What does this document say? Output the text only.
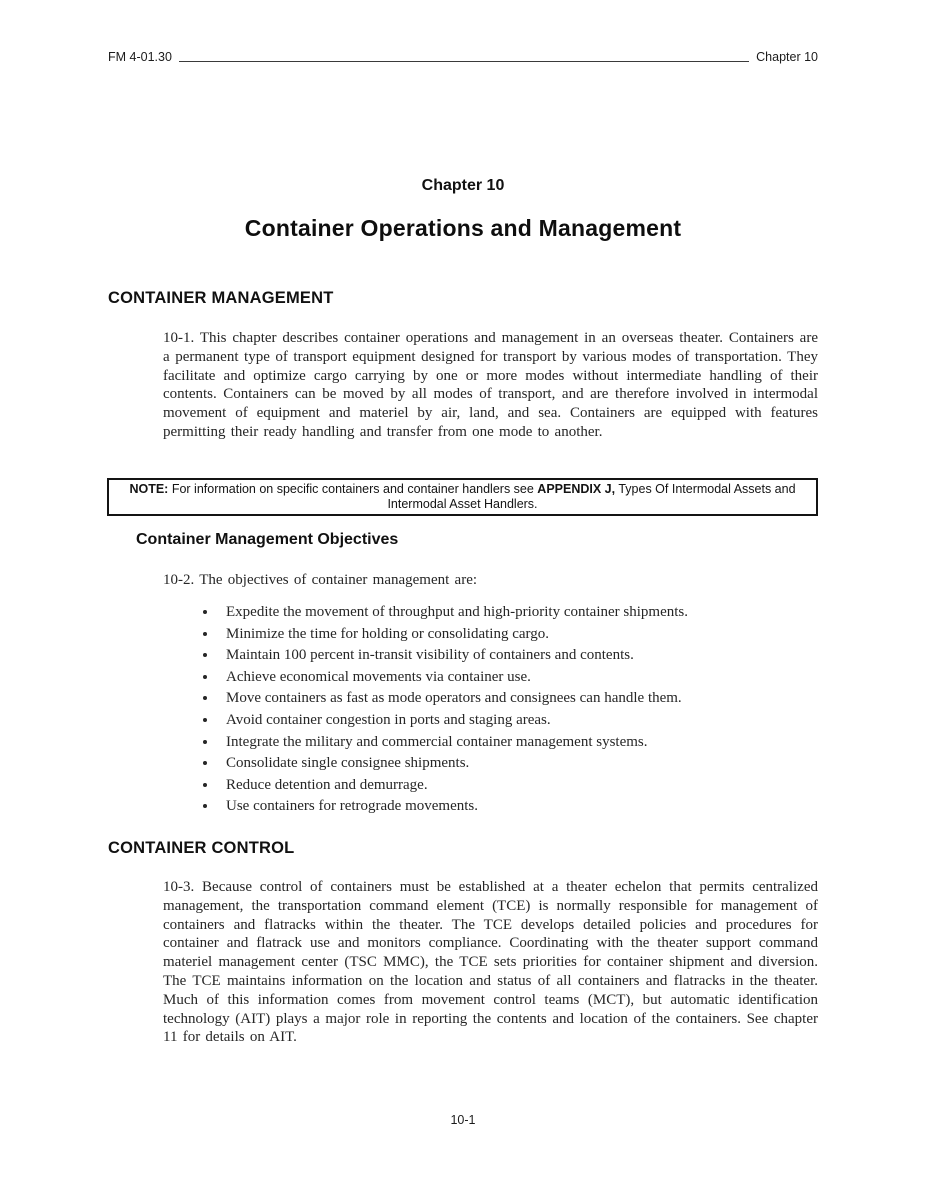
FM 4-01.30	Chapter 10
Chapter 10
Container Operations and Management
CONTAINER MANAGEMENT
10-1. This chapter describes container operations and management in an overseas theater. Containers are a permanent type of transport equipment designed for transport by various modes of transportation. They facilitate and optimize cargo carrying by one or more modes without intermediate handling of their contents. Containers can be moved by all modes of transport, and are therefore involved in intermodal movement of equipment and materiel by air, land, and sea. Containers are equipped with features permitting their ready handling and transfer from one mode to another.
NOTE: For information on specific containers and container handlers see APPENDIX J, Types Of Intermodal Assets and Intermodal Asset Handlers.
Container Management Objectives
10-2. The objectives of container management are:
• Expedite the movement of throughput and high-priority container shipments.
• Minimize the time for holding or consolidating cargo.
• Maintain 100 percent in-transit visibility of containers and contents.
• Achieve economical movements via container use.
• Move containers as fast as mode operators and consignees can handle them.
• Avoid container congestion in ports and staging areas.
• Integrate the military and commercial container management systems.
• Consolidate single consignee shipments.
• Reduce detention and demurrage.
• Use containers for retrograde movements.
CONTAINER CONTROL
10-3. Because control of containers must be established at a theater echelon that permits centralized management, the transportation command element (TCE) is normally responsible for management of containers and flatracks within the theater. The TCE develops detailed policies and procedures for container and flatrack use and monitors compliance. Coordinating with the theater support command materiel management center (TSC MMC), the TCE sets priorities for container shipment and diversion. The TCE maintains information on the location and status of all containers and flatracks in the theater. Much of this information comes from movement control teams (MCT), but automatic identification technology (AIT) plays a major role in reporting the contents and location of the containers. See chapter 11 for details on AIT.
10-1
